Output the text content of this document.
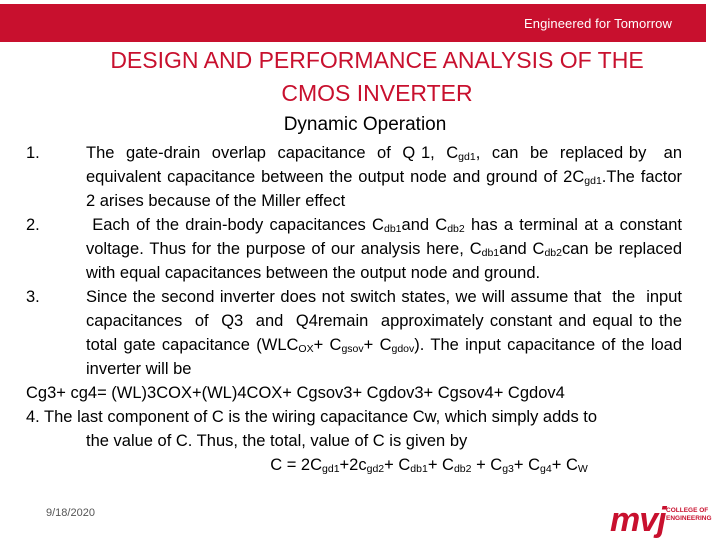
Engineered for Tomorrow
DESIGN AND PERFORMANCE ANALYSIS OF THE
CMOS INVERTER
Dynamic Operation
1.	The  gate-drain  overlap  capacitance  of  Q 1,  $C_{gd1}$,  can  be  replaced by   an equivalent capacitance between the output node and ground of $2C_{gd1}.The$ factor 2 arises because of the Miller effect
2.	Each of the drain-body capacitances $C_{db1}and$ $C_{db2}$ has a terminal at a constant voltage. Thus for the purpose of our analysis here, $C_{db1}and$ $C_{db2}can$ be replaced with equal capacitances between the output node and ground.
3.	Since the second inverter does not switch states, we will assume that  the  input capacitances  of  Q3  and  Q4remain  approximately constant and equal to the total gate capacitance $(WLC_{OX}+ C_{gsov}+ C_{gdov})$. The input capacitance of the load inverter will be
Cg3+ cg4= (WL)3COX+(WL)4COX+ Cgsov3+ Cgdov3+ Cgsov4+ Cgdov4
4. The last component of C is the wiring capacitance Cw, which simply adds to
the value of C. Thus, the total, value of C is given by
$C = 2C_{gd1}+2c_{gd2}+ C_{db1}+ C_{db2} + C_{g3}+ C_{g4}+ C_W$
9/18/2020	mvj COLLEGE OF
ENGINEERING
